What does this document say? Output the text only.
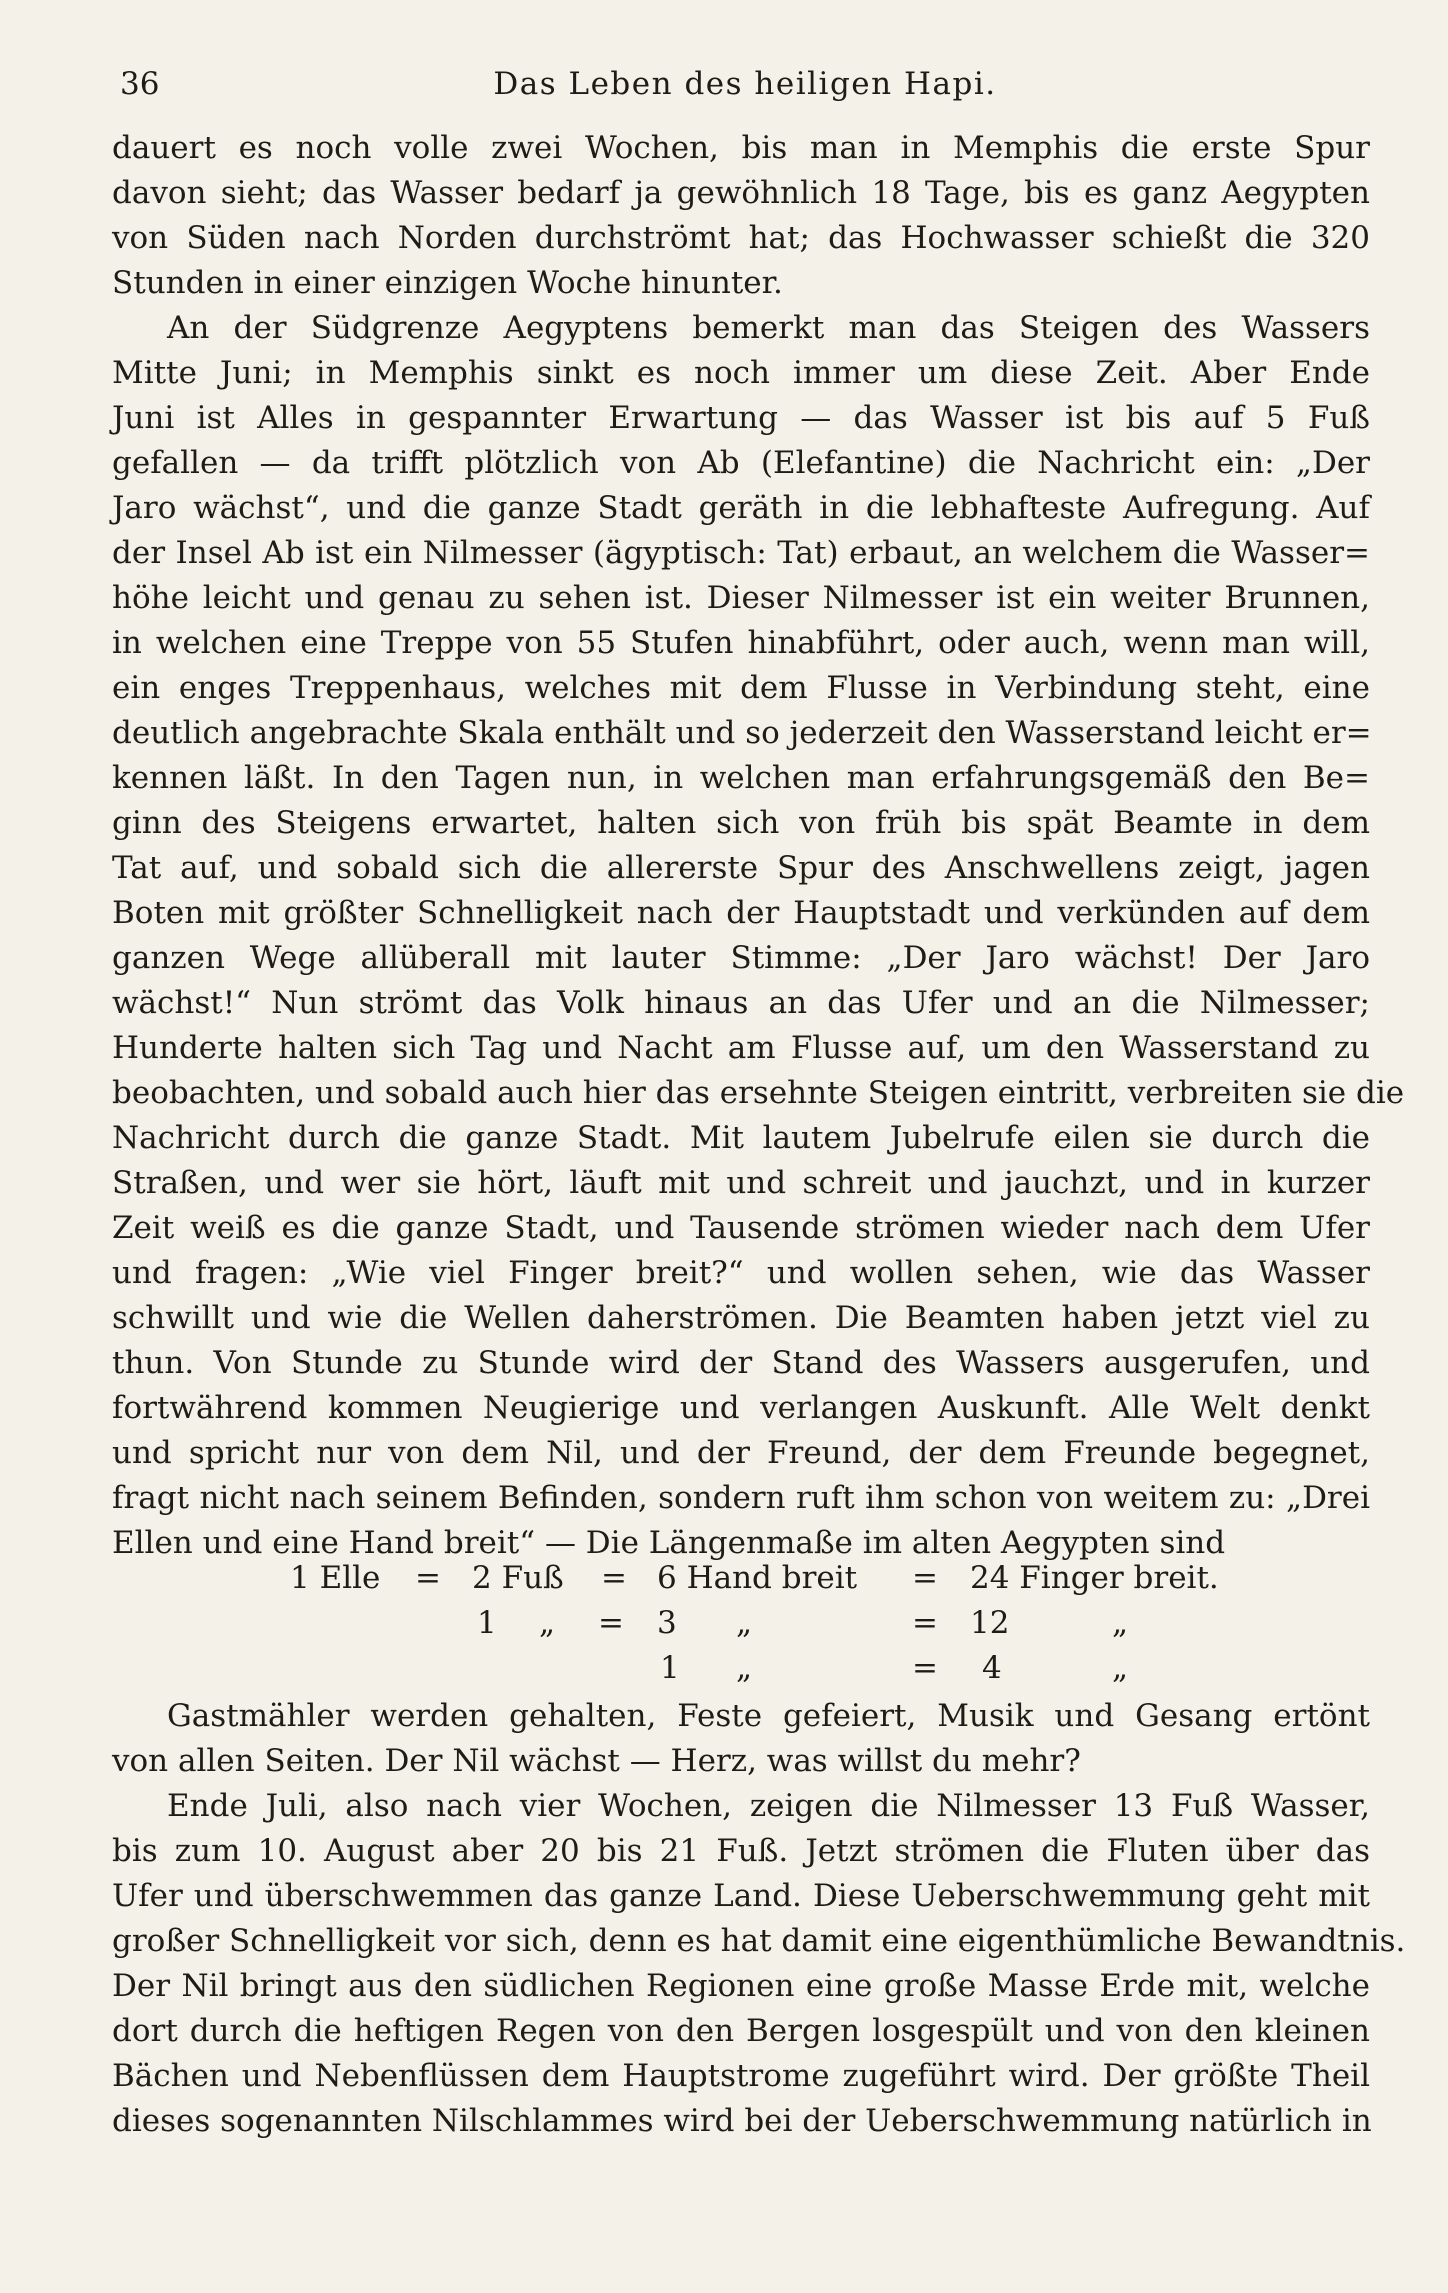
36	Das Leben des heiligen Hapi.
dauert es noch volle zwei Wochen, bis man in Memphis die erste Spur
davon sieht; das Wasser bedarf ja gewöhnlich 18 Tage, bis es ganz Aegypten
von Süden nach Norden durchströmt hat; das Hochwasser schießt die 320
Stunden in einer einzigen Woche hinunter.
An der Südgrenze Aegyptens bemerkt man das Steigen des Wassers
Mitte Juni; in Memphis sinkt es noch immer um diese Zeit. Aber Ende
Juni ist Alles in gespannter Erwartung — das Wasser ist bis auf 5 Fuß
gefallen — da trifft plötzlich von Ab (Elefantine) die Nachricht ein: „Der
Jaro wächst“, und die ganze Stadt geräth in die lebhafteste Aufregung. Auf
der Insel Ab ist ein Nilmesser (ägyptisch: Tat) erbaut, an welchem die Wasser=
höhe leicht und genau zu sehen ist. Dieser Nilmesser ist ein weiter Brunnen,
in welchen eine Treppe von 55 Stufen hinabführt, oder auch, wenn man will,
ein enges Treppenhaus, welches mit dem Flusse in Verbindung steht, eine
deutlich angebrachte Skala enthält und so jederzeit den Wasserstand leicht er=
kennen läßt. In den Tagen nun, in welchen man erfahrungsgemäß den Be=
ginn des Steigens erwartet, halten sich von früh bis spät Beamte in dem
Tat auf, und sobald sich die allererste Spur des Anschwellens zeigt, jagen
Boten mit größter Schnelligkeit nach der Hauptstadt und verkünden auf dem
ganzen Wege allüberall mit lauter Stimme: „Der Jaro wächst! Der Jaro
wächst!“ Nun strömt das Volk hinaus an das Ufer und an die Nilmesser;
Hunderte halten sich Tag und Nacht am Flusse auf, um den Wasserstand zu
beobachten, und sobald auch hier das ersehnte Steigen eintritt, verbreiten sie die
Nachricht durch die ganze Stadt. Mit lautem Jubelrufe eilen sie durch die
Straßen, und wer sie hört, läuft mit und schreit und jauchzt, und in kurzer
Zeit weiß es die ganze Stadt, und Tausende strömen wieder nach dem Ufer
und fragen: „Wie viel Finger breit?“ und wollen sehen, wie das Wasser
schwillt und wie die Wellen daherströmen. Die Beamten haben jetzt viel zu
thun. Von Stunde zu Stunde wird der Stand des Wassers ausgerufen, und
fortwährend kommen Neugierige und verlangen Auskunft. Alle Welt denkt
und spricht nur von dem Nil, und der Freund, der dem Freunde begegnet,
fragt nicht nach seinem Befinden, sondern ruft ihm schon von weitem zu: „Drei
Ellen und eine Hand breit“ — Die Längenmaße im alten Aegypten sind
1 Elle = 2 Fuß = 6 Hand breit = 24 Finger breit.
1 „ = 3 „	= 12	„
1 „	= 4	„
Gastmähler werden gehalten, Feste gefeiert, Musik und Gesang ertönt
von allen Seiten. Der Nil wächst — Herz, was willst du mehr?
Ende Juli, also nach vier Wochen, zeigen die Nilmesser 13 Fuß Wasser,
bis zum 10. August aber 20 bis 21 Fuß. Jetzt strömen die Fluten über das
Ufer und überschwemmen das ganze Land. Diese Ueberschwemmung geht mit
großer Schnelligkeit vor sich, denn es hat damit eine eigenthümliche Bewandtnis.
Der Nil bringt aus den südlichen Regionen eine große Masse Erde mit, welche
dort durch die heftigen Regen von den Bergen losgespült und von den kleinen
Bächen und Nebenflüssen dem Hauptstrome zugeführt wird. Der größte Theil
dieses sogenannten Nilschlammes wird bei der Ueberschwemmung natürlich in
